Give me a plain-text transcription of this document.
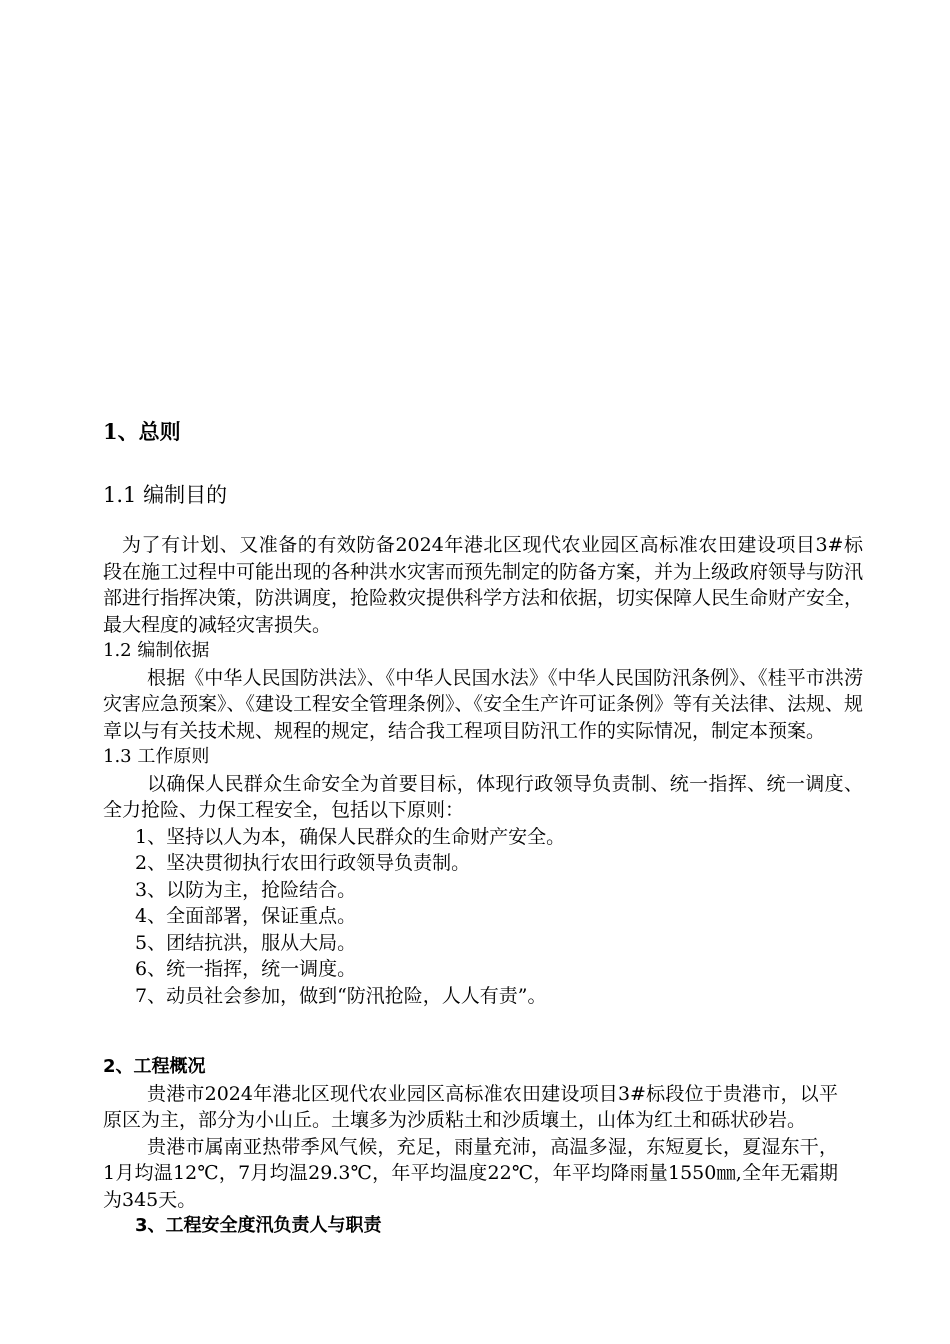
1、总则
1.1 编制目的

为了有计划、又准备的有效防备2024年港北区现代农业园区高标准农田建设项目3#标段在施工过程中可能出现的各种洪水灾害而预先制定的防备方案，并为上级政府领导与防汛部进行指挥决策，防洪调度，抢险救灾提供科学方法和依据，切实保障人民生命财产安全，最大程度的减轻灾害损失。

1.2 编制依据

根据《中华人民国防洪法》、《中华人民国水法》《中华人民国防汛条例》、《桂平市洪涝灾害应急预案》、《建设工程安全管理条例》、《安全生产许可证条例》等有关法律、法规、规章以与有关技术规、规程的规定，结合我工程项目防汛工作的实际情况，制定本预案。

1.3 工作原则

以确保人民群众生命安全为首要目标，体现行政领导负责制、统一指挥、统一调度、全力抢险、力保工程安全，包括以下原则：

1、坚持以人为本，确保人民群众的生命财产安全。

2、坚决贯彻执行农田行政领导负责制。

3、以防为主，抢险结合。

4、全面部署，保证重点。

5、团结抗洪，服从大局。

6、统一指挥，统一调度。

7、动员社会参加，做到“防汛抢险，人人有责”。

2、工程概况

贵港市2024年港北区现代农业园区高标准农田建设项目3#标段位于贵港市，以平原区为主，部分为小山丘。土壤多为沙质粘土和沙质壤土，山体为红土和砾状砂岩。

贵港市属南亚热带季风气候，充足，雨量充沛，高温多湿，东短夏长，夏湿东干，1月均温12℃，7月均温29.3℃，年平均温度22℃，年平均降雨量1550㎜,全年无霜期为345天。

3、工程安全度汛负责人与职责
